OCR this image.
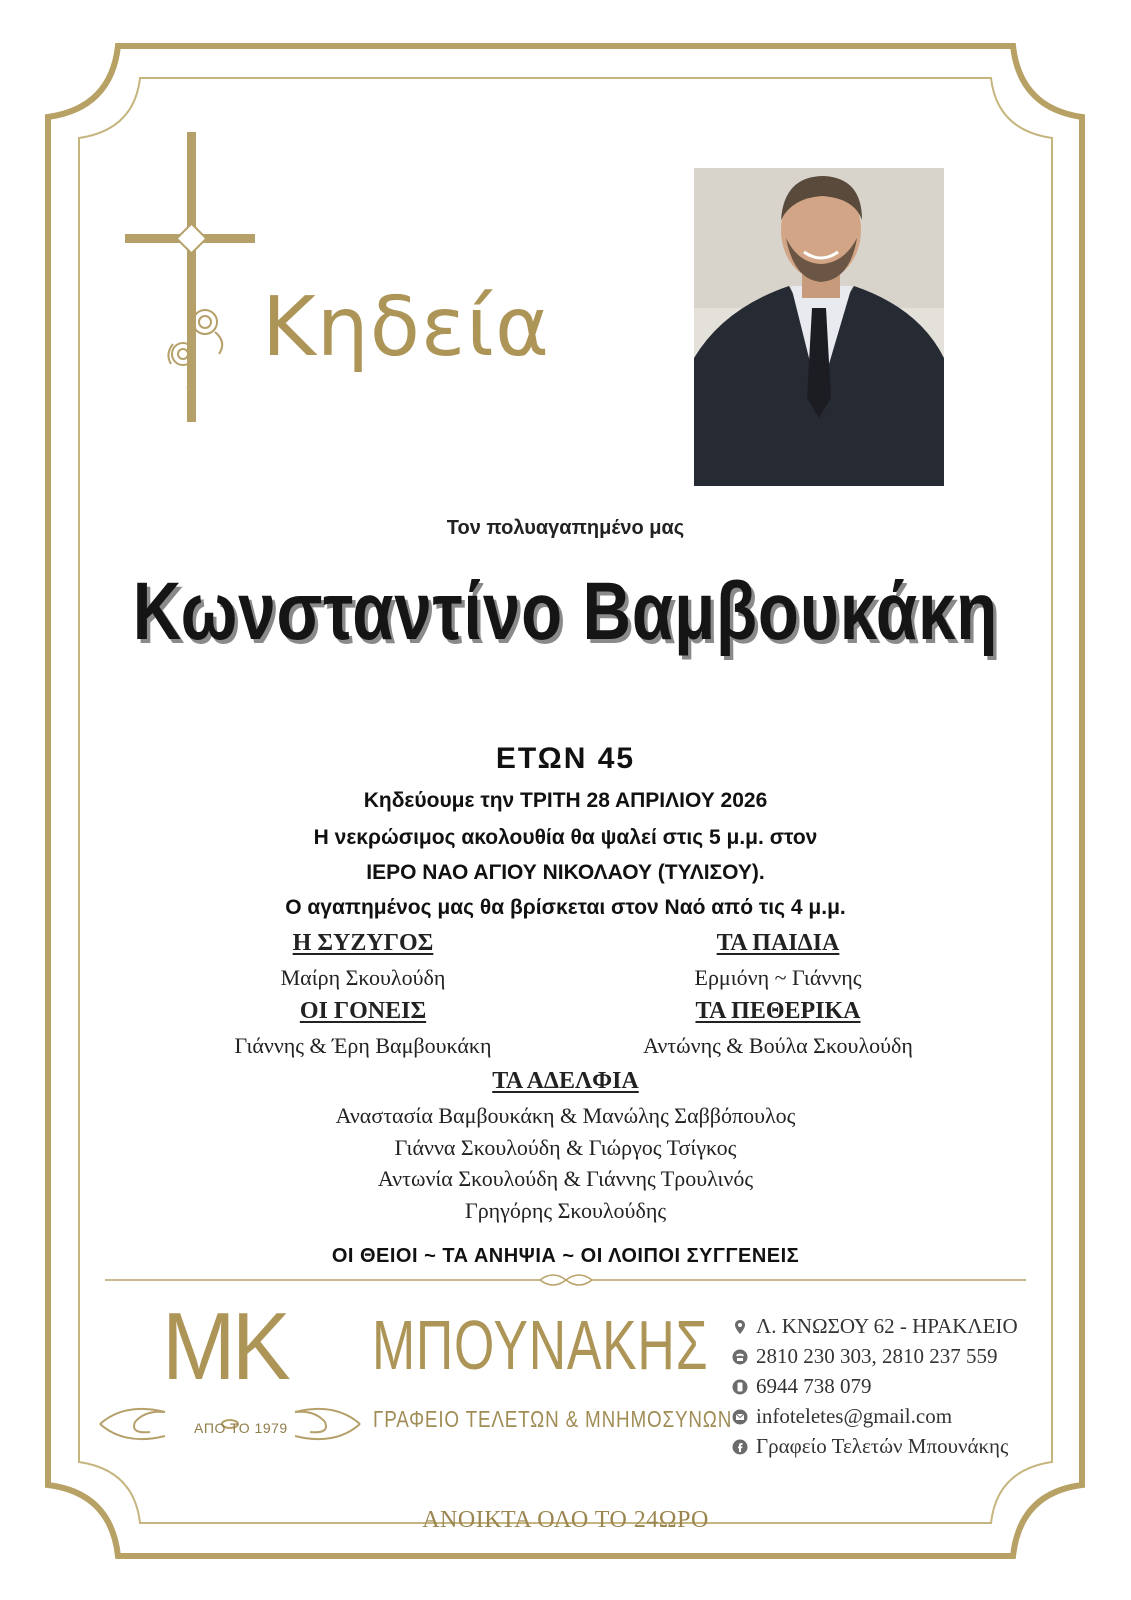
Κηδεία
Τον πολυαγαπημένο μας
Κωνσταντίνο Βαμβουκάκη
ΕΤΩΝ 45
Κηδεύουμε την ΤΡΙΤΗ 28 ΑΠΡΙΛΙΟΥ 2026
Η νεκρώσιμος ακολουθία θα ψαλεί στις 5 μ.μ. στον
ΙΕΡΟ ΝΑΟ ΑΓΙΟΥ ΝΙΚΟΛΑΟΥ (ΤΥΛΙΣΟΥ).
Ο αγαπημένος μας θα βρίσκεται στον Ναό από τις 4 μ.μ.
Η ΣΥΖΥΓΟΣ
Μαίρη Σκουλούδη
ΤΑ ΠΑΙΔΙΑ
Ερμιόνη ~ Γιάννης
ΟΙ ΓΟΝΕΙΣ
Γιάννης & Έρη Βαμβουκάκη
ΤΑ ΠΕΘΕΡΙΚΑ
Αντώνης & Βούλα Σκουλούδη
ΤΑ ΑΔΕΛΦΙΑ
Αναστασία Βαμβουκάκη & Μανώλης Σαββόπουλος
Γιάννα Σκουλούδη & Γιώργος Τσίγκος
Αντωνία Σκουλούδη & Γιάννης Τρουλινός
Γρηγόρης Σκουλούδης
ΟΙ ΘΕΙΟΙ ~ ΤΑ ΑΝΗΨΙΑ ~ ΟΙ ΛΟΙΠΟΙ ΣΥΓΓΕΝΕΙΣ
MK
ΑΠΟ ΤΟ 1979
ΜΠΟΥΝΑΚΗΣ
ΓΡΑΦΕΙΟ ΤΕΛΕΤΩΝ & ΜΝΗΜΟΣΥΝΩΝ
Λ. ΚΝΩΣΟΥ 62 - ΗΡΑΚΛΕΙΟ
2810 230 303, 2810 237 559
6944 738 079
infoteletes@gmail.com
Γραφείο Τελετών Μπουνάκης
ΑΝΟΙΚΤΑ ΟΛΟ ΤΟ 24ΩΡΟ
